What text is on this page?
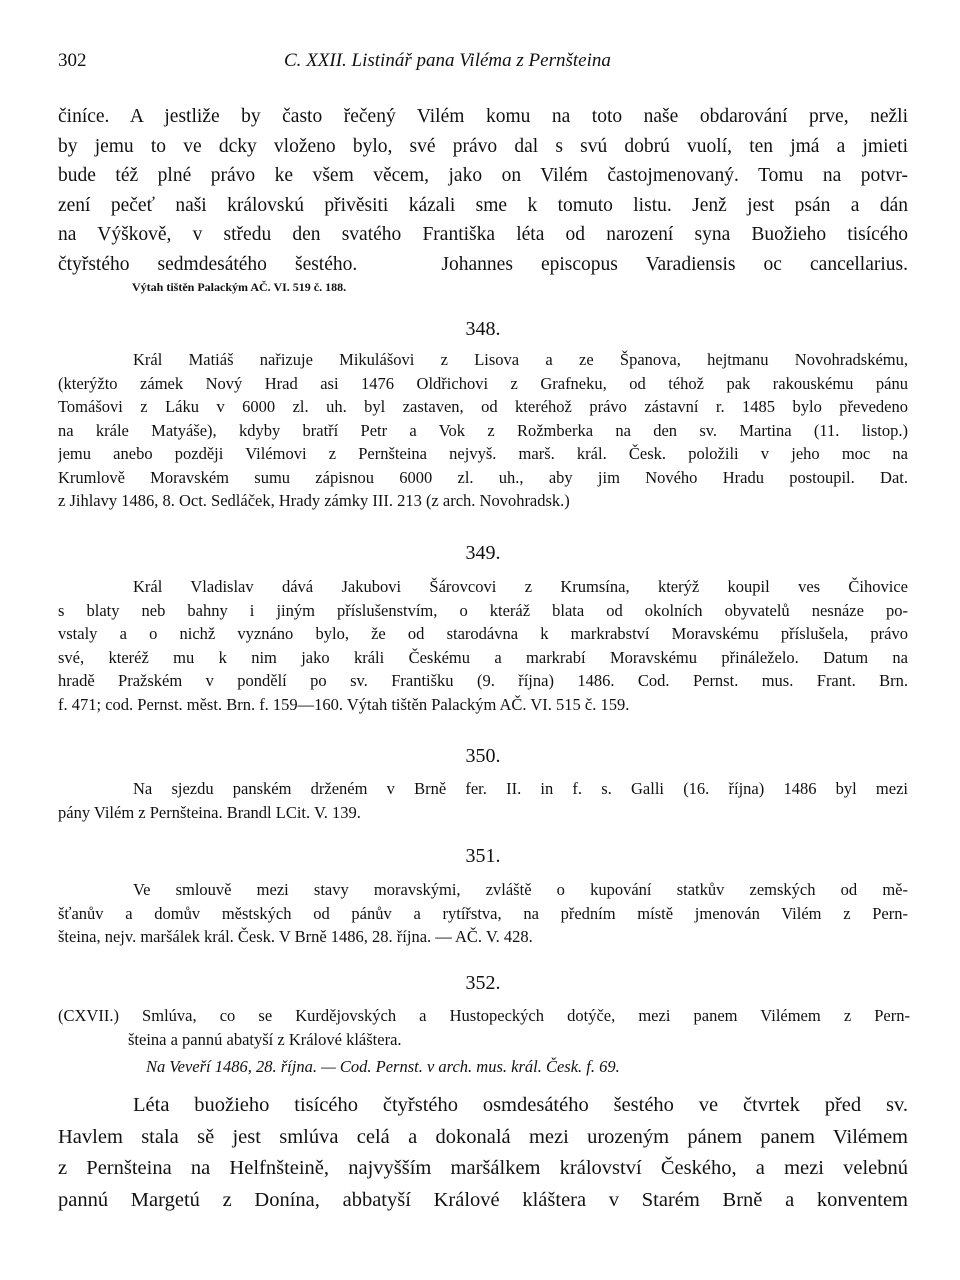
302	C. XXII. Listinář pana Viléma z Pernšteina
činíce. A jestliže by často řečený Vilém komu na toto naše obdarování prve, nežli
by jemu to ve dcky vloženo bylo, své právo dal s svú dobrú vuolí, ten jmá a jmieti
bude též plné právo ke všem věcem, jako on Vilém častojmenovaný. Tomu na potvr-
zení pečeť naši královskú přivěsiti kázali sme k tomuto listu. Jenž jest psán a dán
na Výškově, v středu den svatého Františka léta od narození syna Buožieho tisícého
čtyřstého sedmdesátého šestého.   Johannes episcopus Varadiensis oc cancellarius.
Výtah tištěn Palackým AČ. VI. 519 č. 188.
348.
Král Matiáš nařizuje Mikulášovi z Lisova a ze Španova, hejtmanu Novohradskému,
(kterýžto zámek Nový Hrad asi 1476 Oldřichovi z Grafneku, od téhož pak rakouskému pánu
Tomášovi z Láku v 6000 zl. uh. byl zastaven, od kteréhož právo zástavní r. 1485 bylo převedeno
na krále Matyáše), kdyby bratří Petr a Vok z Rožmberka na den sv. Martina (11. listop.)
jemu anebo později Vilémovi z Pernšteina nejvyš. marš. král. Česk. položili v jeho moc na
Krumlově Moravském sumu zápisnou 6000 zl. uh., aby jim Nového Hradu postoupil. Dat.
z Jihlavy 1486, 8. Oct. Sedláček, Hrady zámky III. 213 (z arch. Novohradsk.)
349.
Král Vladislav dává Jakubovi Šárovcovi z Krumsína, kterýž koupil ves Čihovice
s blaty neb bahny i jiným příslušenstvím, o kteráž blata od okolních obyvatelů nesnáze po-
vstaly a o nichž vyznáno bylo, že od starodávna k markrabství Moravskému příslušela, právo
své, kteréž mu k nim jako králi Českému a markrabí Moravskému přináleželo. Datum na
hradě Pražském v pondělí po sv. Františku (9. října) 1486. Cod. Pernst. mus. Frant. Brn.
f. 471; cod. Pernst. měst. Brn. f. 159—160. Výtah tištěn Palackým AČ. VI. 515 č. 159.
350.
Na sjezdu panském drženém v Brně fer. II. in f. s. Galli (16. října) 1486 byl mezi
pány Vilém z Pernšteina. Brandl LCit. V. 139.
351.
Ve smlouvě mezi stavy moravskými, zvláště o kupování statkův zemských od mě-
šťanův a domův městských od pánův a rytířstva, na předním místě jmenován Vilém z Pern-
šteina, nejv. maršálek král. Česk. V Brně 1486, 28. října. — AČ. V. 428.
352.
(CXVII.) Smlúva, co se Kurdějovských a Hustopeckých dotýče, mezi panem Vilémem z Pern-
šteina a pannú abatyší z Králové kláštera.
Na Veveří 1486, 28. října. — Cod. Pernst. v arch. mus. král. Česk. f. 69.
Léta buožieho tisícého čtyřstého osmdesátého šestého ve čtvrtek před sv.
Havlem stala sě jest smlúva celá a dokonalá mezi urozeným pánem panem Vilémem
z Pernšteina na Helfnšteině, najvyšším maršálkem království Českého, a mezi velebnú
pannú Margetú z Donína, abbatyší Králové kláštera v Starém Brně a konventem
